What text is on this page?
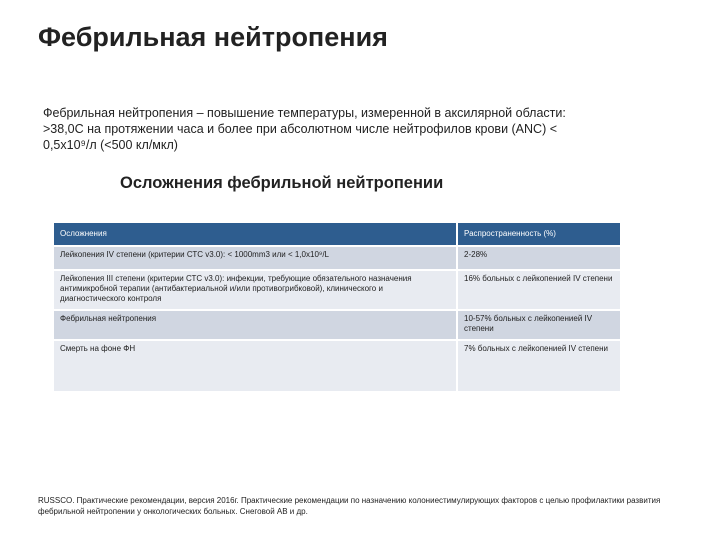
Фебрильная нейтропения

Фебрильная нейтропения – повышение температуры, измеренной в аксилярной области: >38,0С на протяжении часа и более при абсолютном числе нейтрофилов крови (ANC) < 0,5х10⁹/л (<500 кл/мкл)

Осложнения фебрильной нейтропении
Осложнения	Распространенность (%)
Лейкопения IV степени (критерии СТС v3.0): < 1000mm3 или < 1,0x10⁹/L	2-28%
Лейкопения III степени (критерии СТС v3.0): инфекции, требующие обязательного назначения антимикробной терапии (антибактериальной и/или противогрибковой), клинического и диагностического контроля	16% больных с лейкопенией IV степени
Фебрильная нейтропения	10-57% больных с лейкопенией IV степени
Смерть на фоне ФН	7% больных с лейкопенией IV степени

RUSSCO. Практические рекомендации, версия 2016г. Практические рекомендации по назначению колониестимулирующих факторов с целью профилактики развития фебрильной нейтропении у онкологических больных. Снеговой АВ и др.
